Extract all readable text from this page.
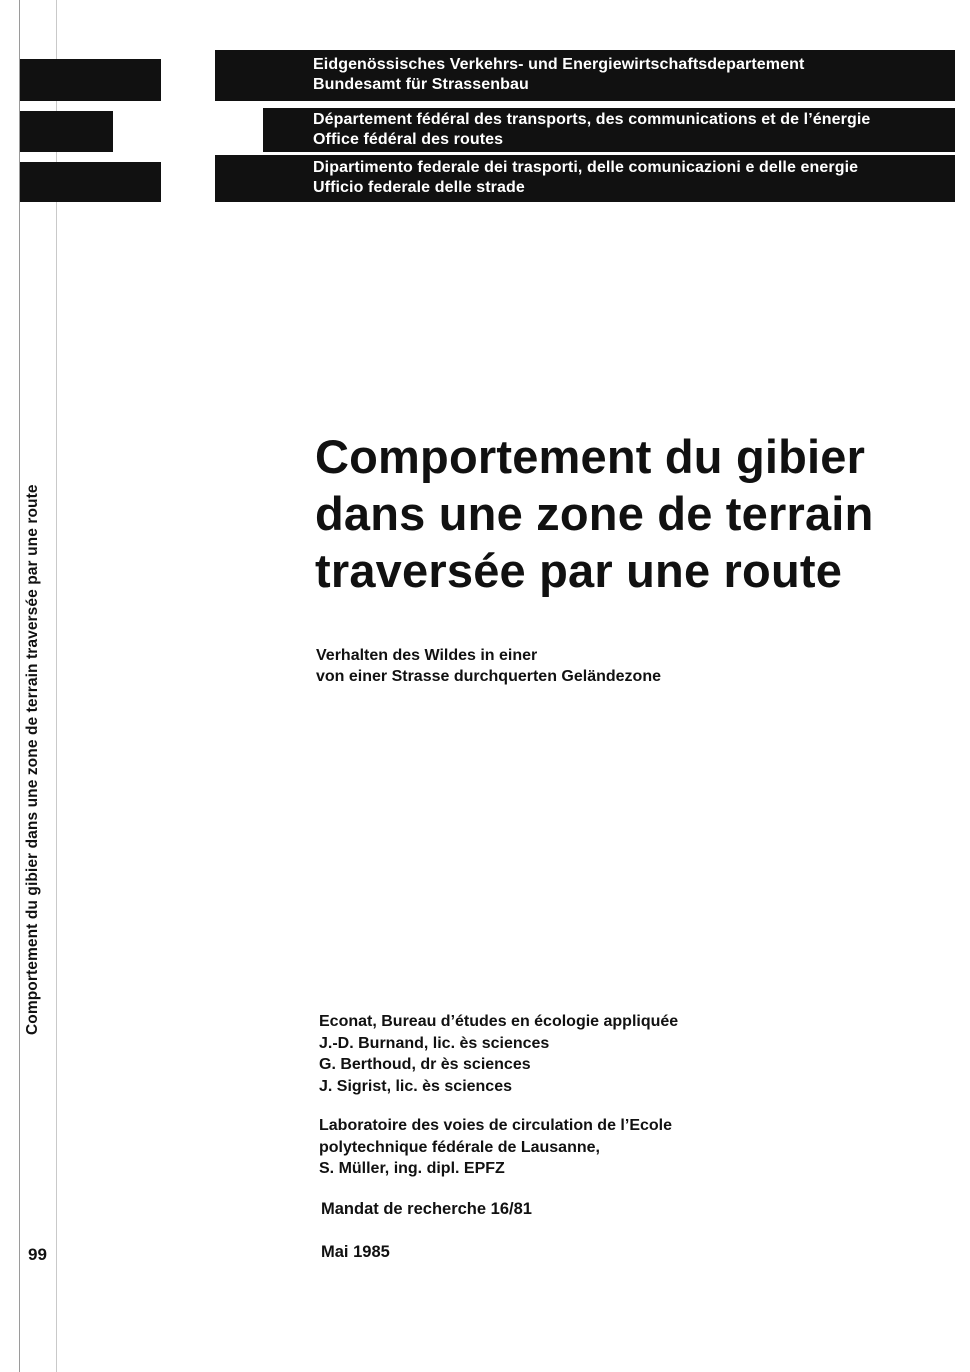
Comportement du gibier dans une zone de terrain traversée par une route
99
Eidgenössisches Verkehrs- und Energiewirtschaftsdepartement
Bundesamt für Strassenbau
Département fédéral des transports, des communications et de l’énergie
Office fédéral des routes
Dipartimento federale dei trasporti, delle comunicazioni e delle energie
Ufficio federale delle strade
Comportement du gibier
dans une zone de terrain
traversée par une route
Verhalten des Wildes in einer
von einer Strasse durchquerten Geländezone
Econat, Bureau d’études en écologie appliquée
J.-D. Burnand, lic. ès sciences
G. Berthoud, dr ès sciences
J. Sigrist, lic. ès sciences
Laboratoire des voies de circulation de l’Ecole
polytechnique fédérale de Lausanne,
S. Müller, ing. dipl. EPFZ
Mandat de recherche 16/81
Mai 1985
